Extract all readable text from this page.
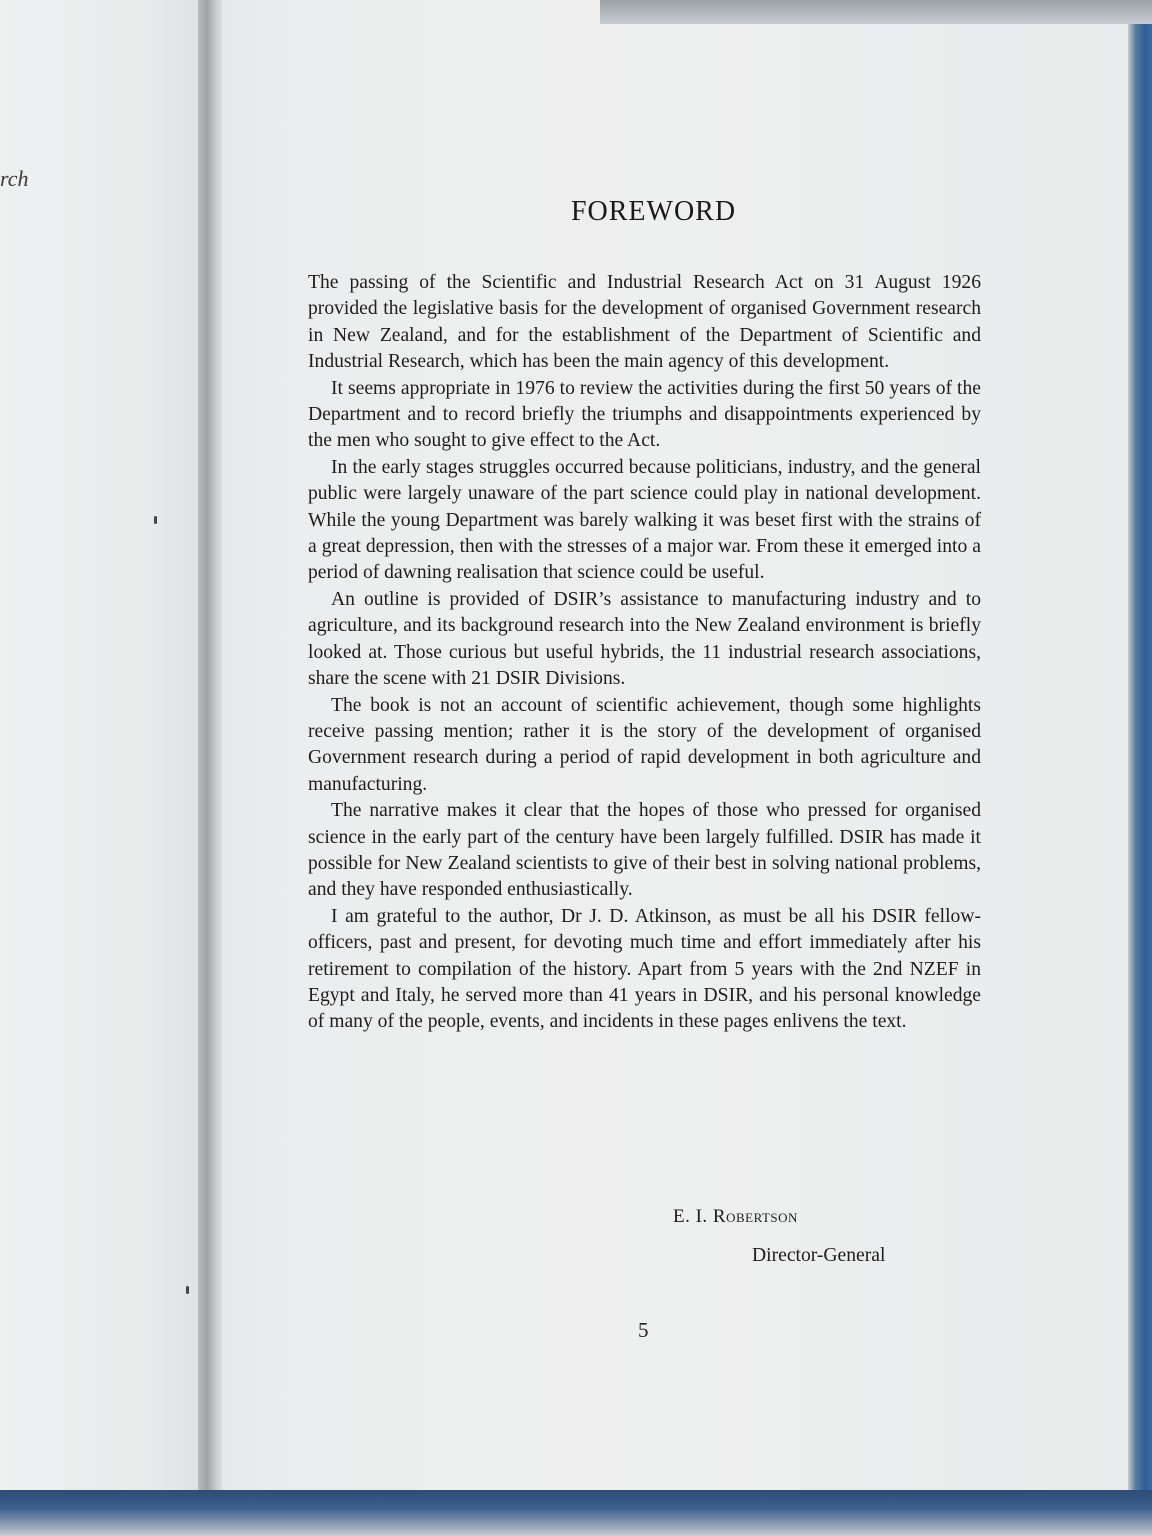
rch
FOREWORD

The passing of the Scientific and Industrial Research Act on 31 August 1926 provided the legislative basis for the development of organised Government research in New Zealand, and for the establishment of the Department of Scientific and Industrial Research, which has been the main agency of this development.

It seems appropriate in 1976 to review the activities during the first 50 years of the Department and to record briefly the triumphs and disappointments experienced by the men who sought to give effect to the Act.

In the early stages struggles occurred because politicians, industry, and the general public were largely unaware of the part science could play in national development. While the young Department was barely walking it was beset first with the strains of a great depression, then with the stresses of a major war. From these it emerged into a period of dawning realisation that science could be useful.

An outline is provided of DSIR’s assistance to manufacturing industry and to agriculture, and its background research into the New Zealand environment is briefly looked at. Those curious but useful hybrids, the 11 industrial research associations, share the scene with 21 DSIR Divisions.

The book is not an account of scientific achievement, though some highlights receive passing mention; rather it is the story of the development of organised Government research during a period of rapid development in both agriculture and manufacturing.

The narrative makes it clear that the hopes of those who pressed for organised science in the early part of the century have been largely fulfilled. DSIR has made it possible for New Zealand scientists to give of their best in solving national problems, and they have responded enthusiastically.

I am grateful to the author, Dr J. D. Atkinson, as must be all his DSIR fellow-officers, past and present, for devoting much time and effort immediately after his retirement to compilation of the history. Apart from 5 years with the 2nd NZEF in Egypt and Italy, he served more than 41 years in DSIR, and his personal knowledge of many of the people, events, and incidents in these pages enlivens the text.

E. I. Robertson
Director-General
5
